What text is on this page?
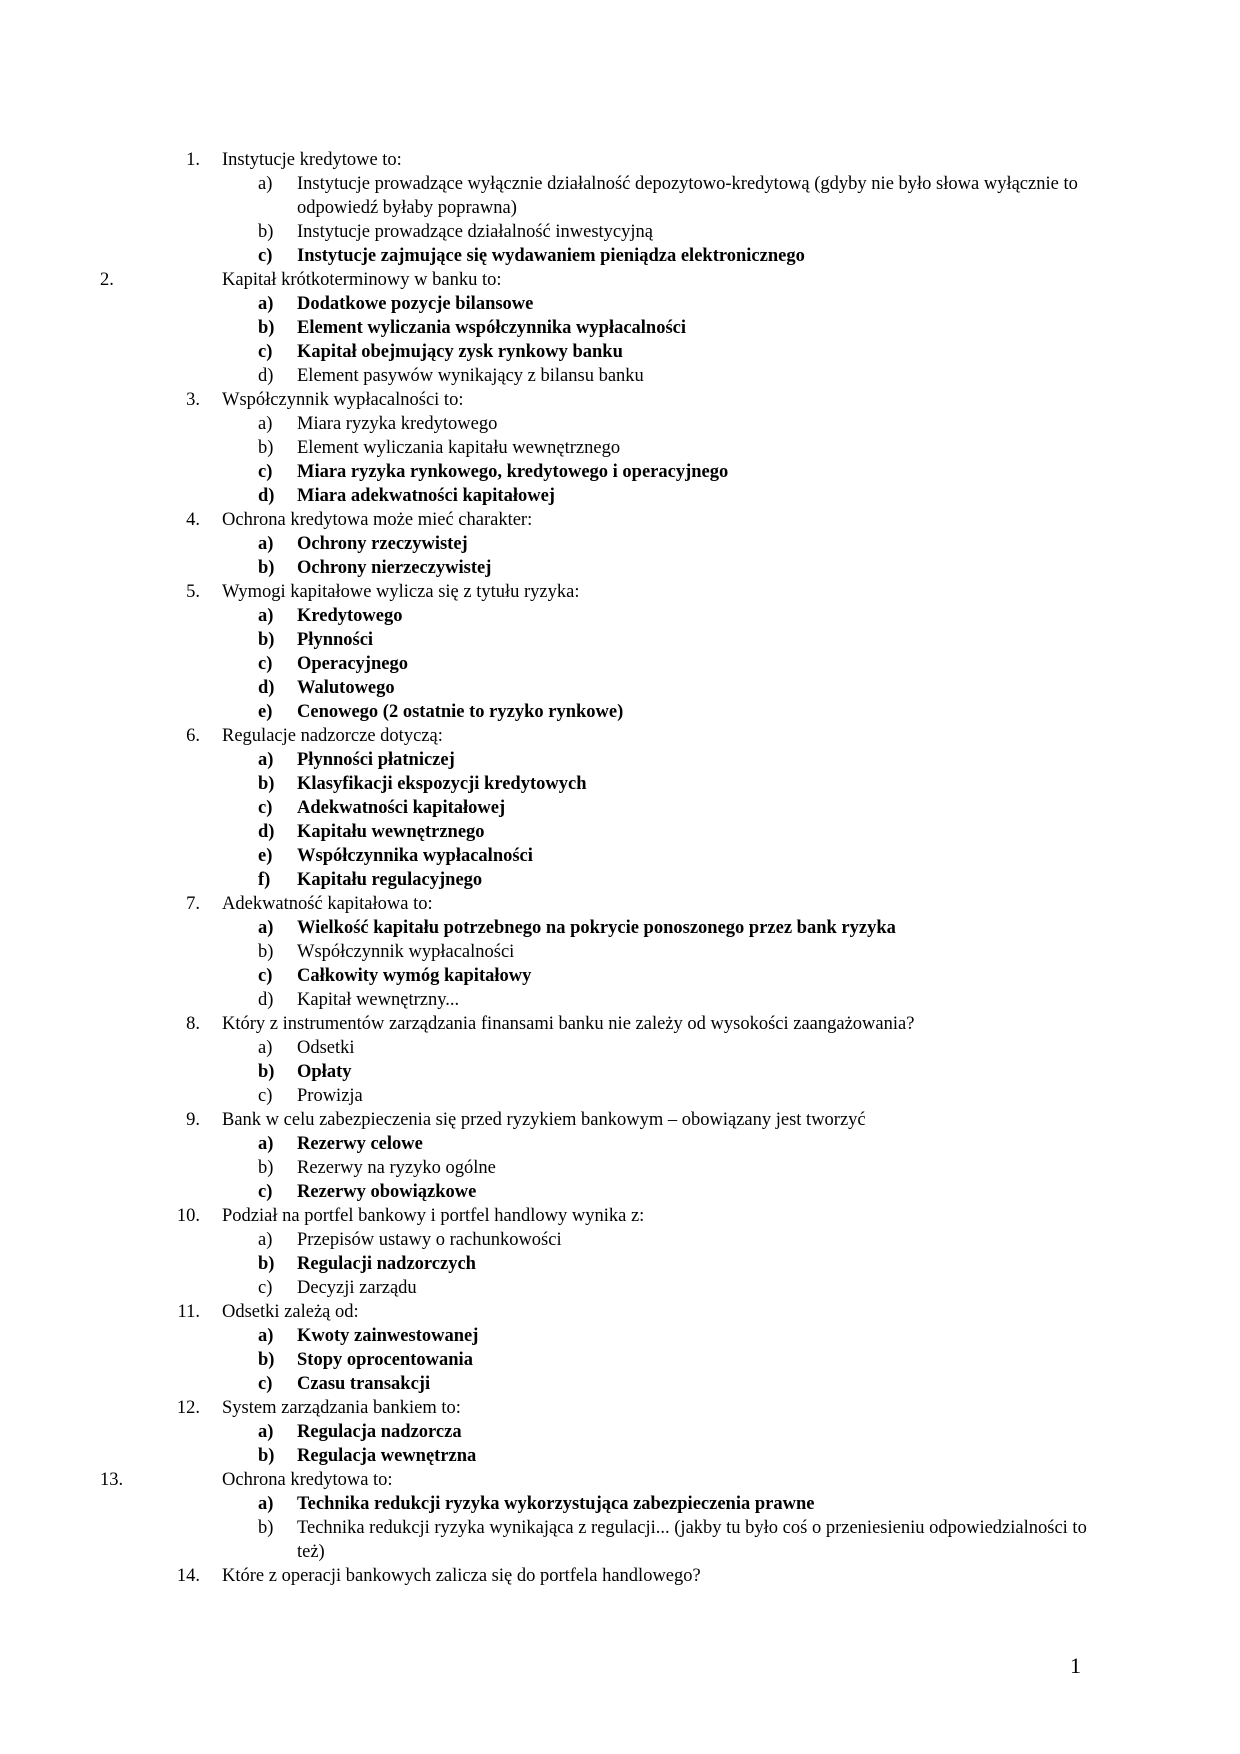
1. Instytucje kredytowe to:
a) Instytucje prowadzące wyłącznie działalność depozytowo-kredytową (gdyby nie było słowa wyłącznie to odpowiedź byłaby poprawna)
b) Instytucje prowadzące działalność inwestycyjną
c) Instytucje zajmujące się wydawaniem pieniądza elektronicznego
2.	Kapitał krótkoterminowy w banku to:
a) Dodatkowe pozycje bilansowe
b) Element wyliczania współczynnika wypłacalności
c) Kapitał obejmujący zysk rynkowy banku
d) Element pasywów wynikający z bilansu banku
3. Współczynnik wypłacalności to:
a) Miara ryzyka kredytowego
b) Element wyliczania kapitału wewnętrznego
c) Miara ryzyka rynkowego, kredytowego i operacyjnego
d) Miara adekwatności kapitałowej
4. Ochrona kredytowa może mieć charakter:
a) Ochrony rzeczywistej
b) Ochrony nierzeczywistej
5. Wymogi kapitałowe wylicza się z tytułu ryzyka:
a) Kredytowego
b) Płynności
c) Operacyjnego
d) Walutowego
e) Cenowego (2 ostatnie to ryzyko rynkowe)
6. Regulacje nadzorcze dotyczą:
a) Płynności płatniczej
b) Klasyfikacji ekspozycji kredytowych
c) Adekwatności kapitałowej
d) Kapitału wewnętrznego
e) Współczynnika wypłacalności
f) Kapitału regulacyjnego
7. Adekwatność kapitałowa to:
a) Wielkość kapitału potrzebnego na pokrycie ponoszonego przez bank ryzyka
b) Współczynnik wypłacalności
c) Całkowity wymóg kapitałowy
d) Kapitał wewnętrzny...
8. Który z instrumentów zarządzania finansami banku nie zależy od wysokości zaangażowania?
a) Odsetki
b) Opłaty
c) Prowizja
9. Bank w celu zabezpieczenia się przed ryzykiem bankowym – obowiązany jest tworzyć
a) Rezerwy celowe
b) Rezerwy na ryzyko ogólne
c) Rezerwy obowiązkowe
10. Podział na portfel bankowy i portfel handlowy wynika z:
a) Przepisów ustawy o rachunkowości
b) Regulacji nadzorczych
c) Decyzji zarządu
11. Odsetki zależą od:
a) Kwoty zainwestowanej
b) Stopy oprocentowania
c) Czasu transakcji
12. System zarządzania bankiem to:
a) Regulacja nadzorcza
b) Regulacja wewnętrzna
13.	Ochrona kredytowa to:
a) Technika redukcji ryzyka wykorzystująca zabezpieczenia prawne
b) Technika redukcji ryzyka wynikająca z regulacji... (jakby tu było coś o przeniesieniu odpowiedzialności to też)
14. Które z operacji bankowych zalicza się do portfela handlowego?
1
